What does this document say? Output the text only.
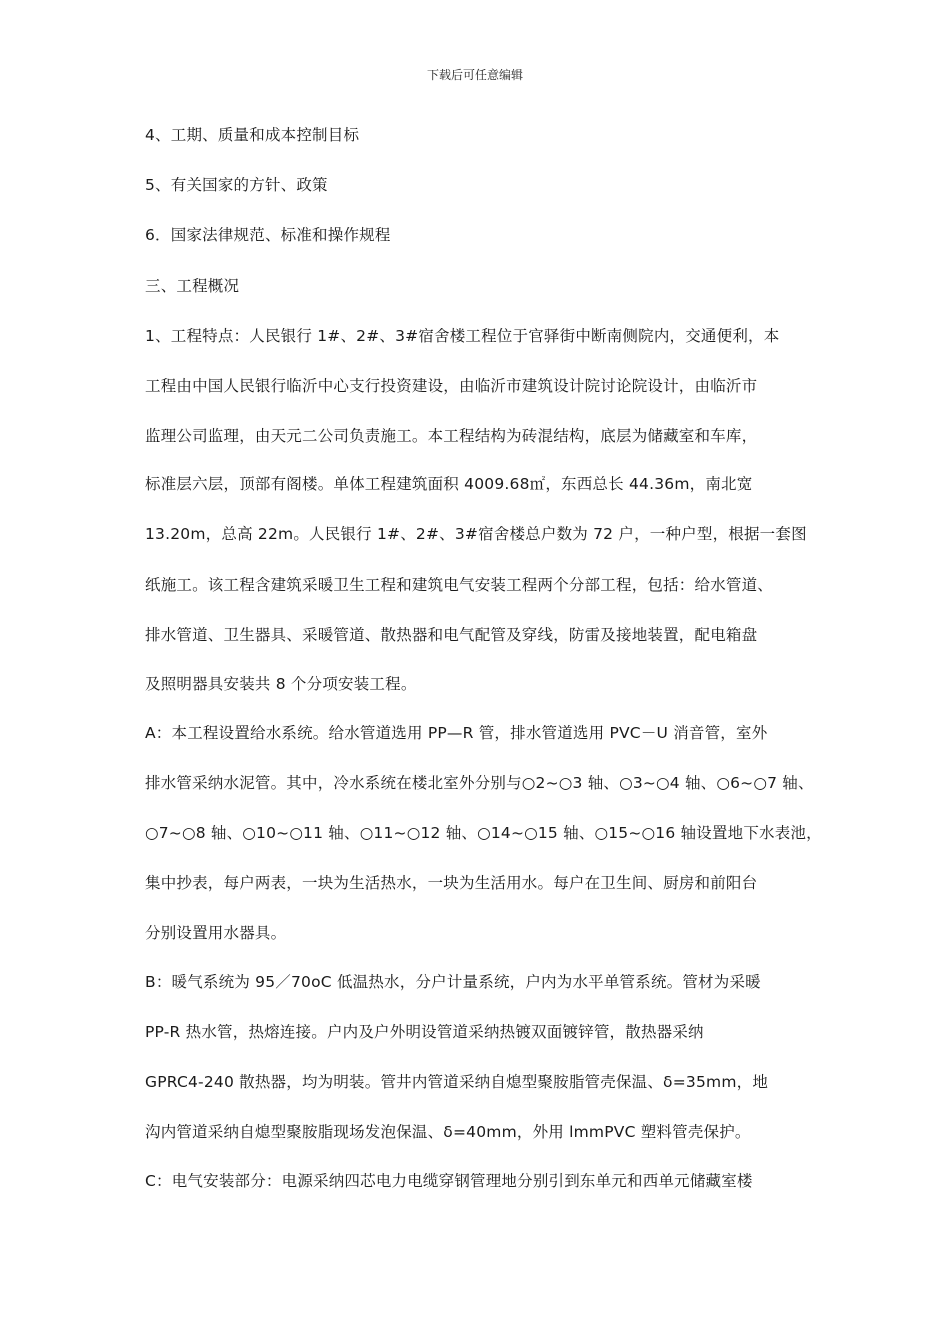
下载后可任意编辑
4、工期、质量和成本控制目标
5、有关国家的方针、政策
6．国家法律规范、标准和操作规程
三、工程概况
1、工程特点：人民银行 1#、2#、3#宿舍楼工程位于官驿街中断南侧院内，交通便利，本
工程由中国人民银行临沂中心支行投资建设，由临沂市建筑设计院讨论院设计，由临沂市
监理公司监理，由天元二公司负责施工。本工程结构为砖混结构，底层为储藏室和车库，
标准层六层，顶部有阁楼。单体工程建筑面积 4009.68㎡，东西总长 44.36m，南北宽
13.20m，总高 22m。人民银行 1#、2#、3#宿舍楼总户数为 72 户，一种户型，根据一套图
纸施工。该工程含建筑采暖卫生工程和建筑电气安装工程两个分部工程，包括：给水管道、
排水管道、卫生器具、采暖管道、散热器和电气配管及穿线，防雷及接地装置，配电箱盘
及照明器具安装共 8 个分项安装工程。
A：本工程设置给水系统。给水管道选用 PP—R 管，排水管道选用 PVC－U 消音管，室外
排水管采纳水泥管。其中，冷水系统在楼北室外分别与○2~○3 轴、○3~○4 轴、○6~○7 轴、
○7~○8 轴、○10~○11 轴、○11~○12 轴、○14~○15 轴、○15~○16 轴设置地下水表池，
集中抄表，每户两表，一块为生活热水，一块为生活用水。每户在卫生间、厨房和前阳台
分别设置用水器具。
B：暖气系统为 95／70oC 低温热水，分户计量系统，户内为水平单管系统。管材为采暖
PP-R 热水管，热熔连接。户内及户外明设管道采纳热镀双面镀锌管，散热器采纳
GPRC4-240 散热器，均为明装。管井内管道采纳自熄型聚胺脂管壳保温、δ=35mm，地
沟内管道采纳自熄型聚胺脂现场发泡保温、δ=40mm，外用 lmmPVC 塑料管壳保护。
C：电气安装部分：电源采纳四芯电力电缆穿钢管理地分别引到东单元和西单元储藏室楼
